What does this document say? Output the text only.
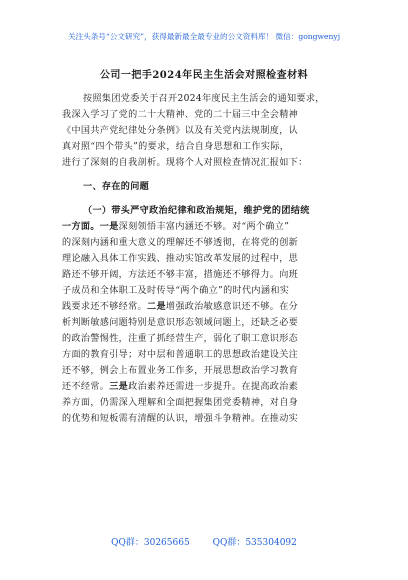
关注头条号“公文研究”，获得最新最全最专业的公文资料库！ 微信：gongwenyj
公司一把手2024年民主生活会对照检查材料
按照集团党委关于召开2024年度民主生活会的通知要求，
我深入学习了党的二十大精神、党的二十届三中全会精神
《中国共产党纪律处分条例》以及有关党内法规制度，认
真对照“四个带头”的要求，结合自身思想和工作实际，
进行了深刻的自我剖析。现将个人对照检查情况汇报如下：
一、存在的问题
（一）带头严守政治纪律和政治规矩，维护党的团结统
一方面。一是深刻领悟丰富内涵还不够。对“两个确立”
的深刻内涵和重大意义的理解还不够透彻，在将党的创新
理论融入具体工作实践、推动实馆改革发展的过程中，思
路还不够开阔，方法还不够丰富，措施还不够得力。向班
子成员和全体职工及时传导“两个确立”的时代内涵和实
践要求还不够经常。二是增强政治敏感意识还不够。在分
析判断敏感问题特别是意识形态领域问题上，还缺乏必要
的政治警惕性，注重了抓经营生产，弱化了职工意识形态
方面的教育引导；对中层和普通职工的思想政治建设关注
还不够，例会上布置业务工作多，开展思想政治学习教育
还不经常。三是政治素养还需进一步提升。在提高政治素
养方面，仍需深入理解和全面把握集团党委精神，对自身
的优势和短板需有清醒的认识，增强斗争精神。在推动实
QQ群：30265665	QQ群：535304092
